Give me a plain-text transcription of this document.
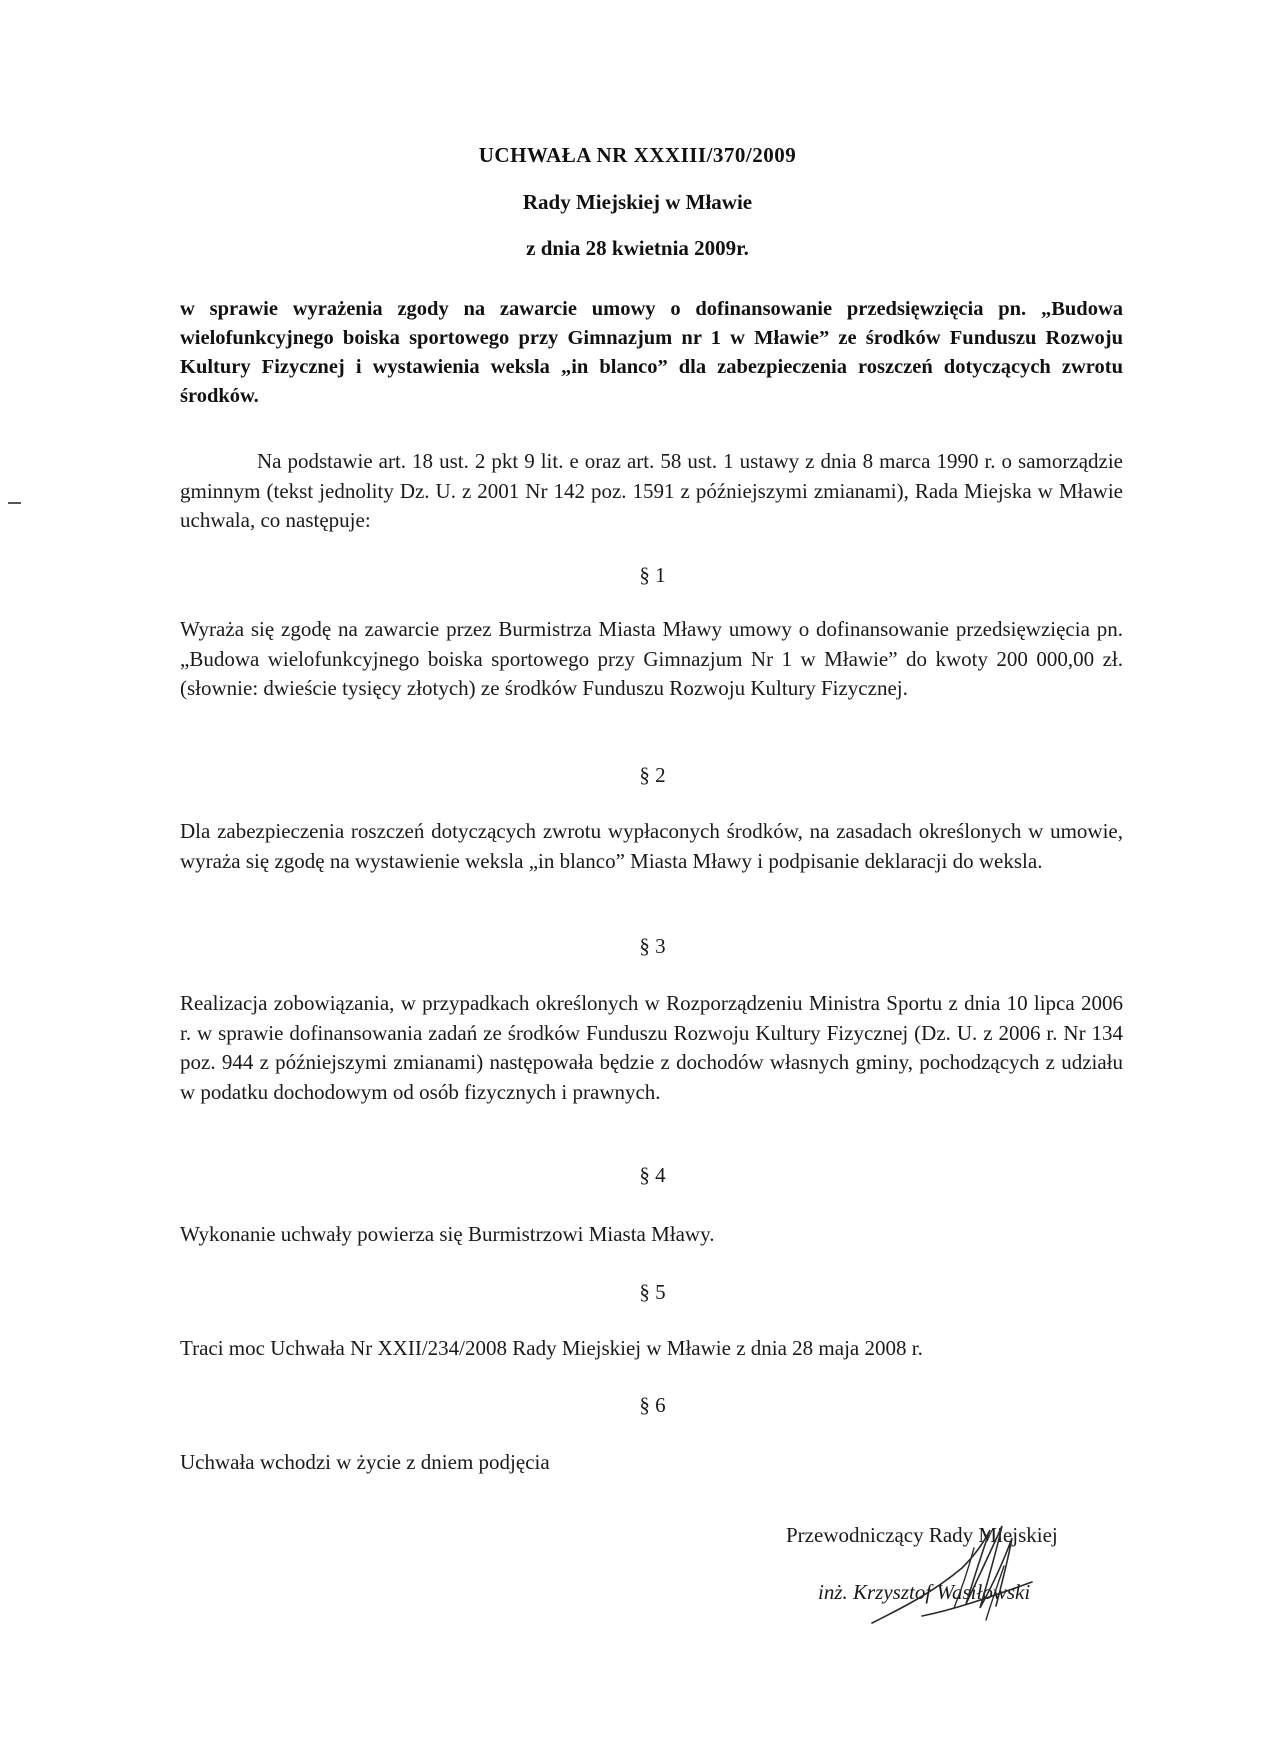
UCHWAŁA NR XXXIII/370/2009
Rady Miejskiej w Mławie
z dnia 28 kwietnia 2009r.
w sprawie wyrażenia zgody na zawarcie umowy o dofinansowanie przedsięwzięcia pn. „Budowa wielofunkcyjnego boiska sportowego przy Gimnazjum nr 1 w Mławie” ze środków Funduszu Rozwoju Kultury Fizycznej i wystawienia weksla „in blanco” dla zabezpieczenia roszczeń dotyczących zwrotu środków.
Na podstawie art. 18 ust. 2 pkt 9 lit. e oraz art. 58 ust. 1 ustawy z dnia 8 marca 1990 r. o samorządzie gminnym (tekst jednolity Dz. U. z 2001 Nr 142 poz. 1591 z późniejszymi zmianami), Rada Miejska w Mławie uchwala, co następuje:
§ 1
Wyraża się zgodę na zawarcie przez Burmistrza Miasta Mławy umowy o dofinansowanie przedsięwzięcia pn. „Budowa wielofunkcyjnego boiska sportowego przy Gimnazjum Nr 1 w Mławie” do kwoty 200 000,00 zł. (słownie: dwieście tysięcy złotych) ze środków Funduszu Rozwoju Kultury Fizycznej.
§ 2
Dla zabezpieczenia roszczeń dotyczących zwrotu wypłaconych środków, na zasadach określonych w umowie, wyraża się zgodę na wystawienie weksla „in blanco” Miasta Mławy i podpisanie deklaracji do weksla.
§ 3
Realizacja zobowiązania, w przypadkach określonych w Rozporządzeniu Ministra Sportu z dnia 10 lipca 2006 r. w sprawie dofinansowania zadań ze środków Funduszu Rozwoju Kultury Fizycznej (Dz. U. z 2006 r. Nr 134 poz. 944 z późniejszymi zmianami) następowała będzie z dochodów własnych gminy, pochodzących z udziału w podatku dochodowym od osób fizycznych i prawnych.
§ 4
Wykonanie uchwały powierza się Burmistrzowi Miasta Mławy.
§ 5
Traci moc Uchwała Nr XXII/234/2008 Rady Miejskiej w Mławie z dnia 28 maja 2008 r.
§ 6
Uchwała wchodzi w życie z dniem podjęcia
Przewodniczący Rady Miejskiej
inż. Krzysztof Wasiłowski
